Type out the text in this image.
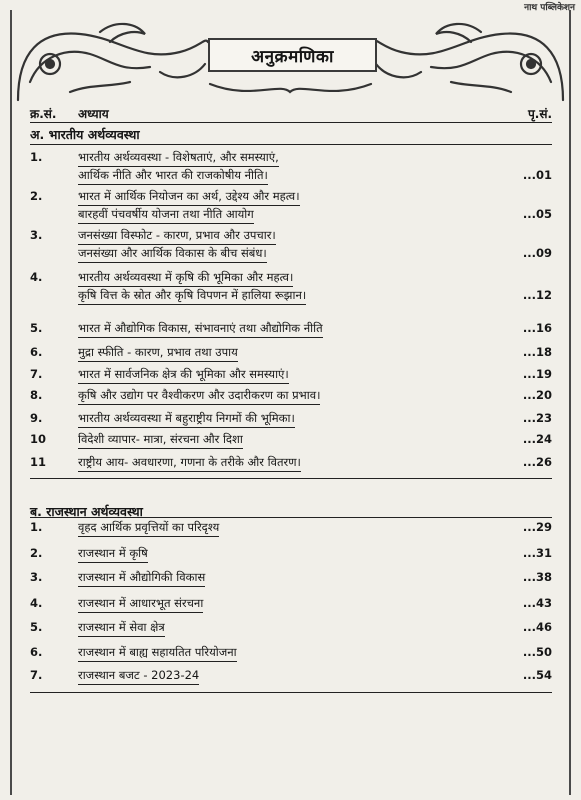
नाथ पब्लिकेशन
अनुक्रमणिका
क्र.सं. अध्याय	पृ.सं.
अ. भारतीय अर्थव्यवस्था
1.	भारतीय अर्थव्यवस्था - विशेषताएं, और समस्याएं,
आर्थिक नीति और भारत की राजकोषीय नीति।	...01
2.	भारत में आर्थिक नियोजन का अर्थ, उद्देश्य और महत्व।
बारहवीं पंचवर्षीय योजना तथा नीति आयोग	...05
3.	जनसंख्या विस्फोट - कारण, प्रभाव और उपचार।
जनसंख्या और आर्थिक विकास के बीच संबंध।	...09
4.	भारतीय अर्थव्यवस्था में कृषि की भूमिका और महत्व।
कृषि वित्त के स्रोत और कृषि विपणन में हालिया रूझान।	...12
5.	भारत में औद्योगिक विकास, संभावनाएं तथा औद्योगिक नीति	...16
6.	मुद्रा स्फीति - कारण, प्रभाव तथा उपाय	...18
7.	भारत में सार्वजनिक क्षेत्र की भूमिका और समस्याएं।	...19
8.	कृषि और उद्योग पर वैश्वीकरण और उदारीकरण का प्रभाव।	...20
9.	भारतीय अर्थव्यवस्था में बहुराष्ट्रीय निगमों की भूमिका।	...23
10	विदेशी व्यापार- मात्रा, संरचना और दिशा	...24
11	राष्ट्रीय आय- अवधारणा, गणना के तरीके और वितरण।	...26
ब. राजस्थान अर्थव्यवस्था
1.	वृहद आर्थिक प्रवृत्तियों का परिदृश्य	...29
2.	राजस्थान में कृषि	...31
3.	राजस्थान में औद्योगिकी विकास	...38
4.	राजस्थान में आधारभूत संरचना	...43
5.	राजस्थान में सेवा क्षेत्र	...46
6.	राजस्थान में बाह्य सहायतित परियोजना	...50
7.	राजस्थान बजट - 2023-24	...54
